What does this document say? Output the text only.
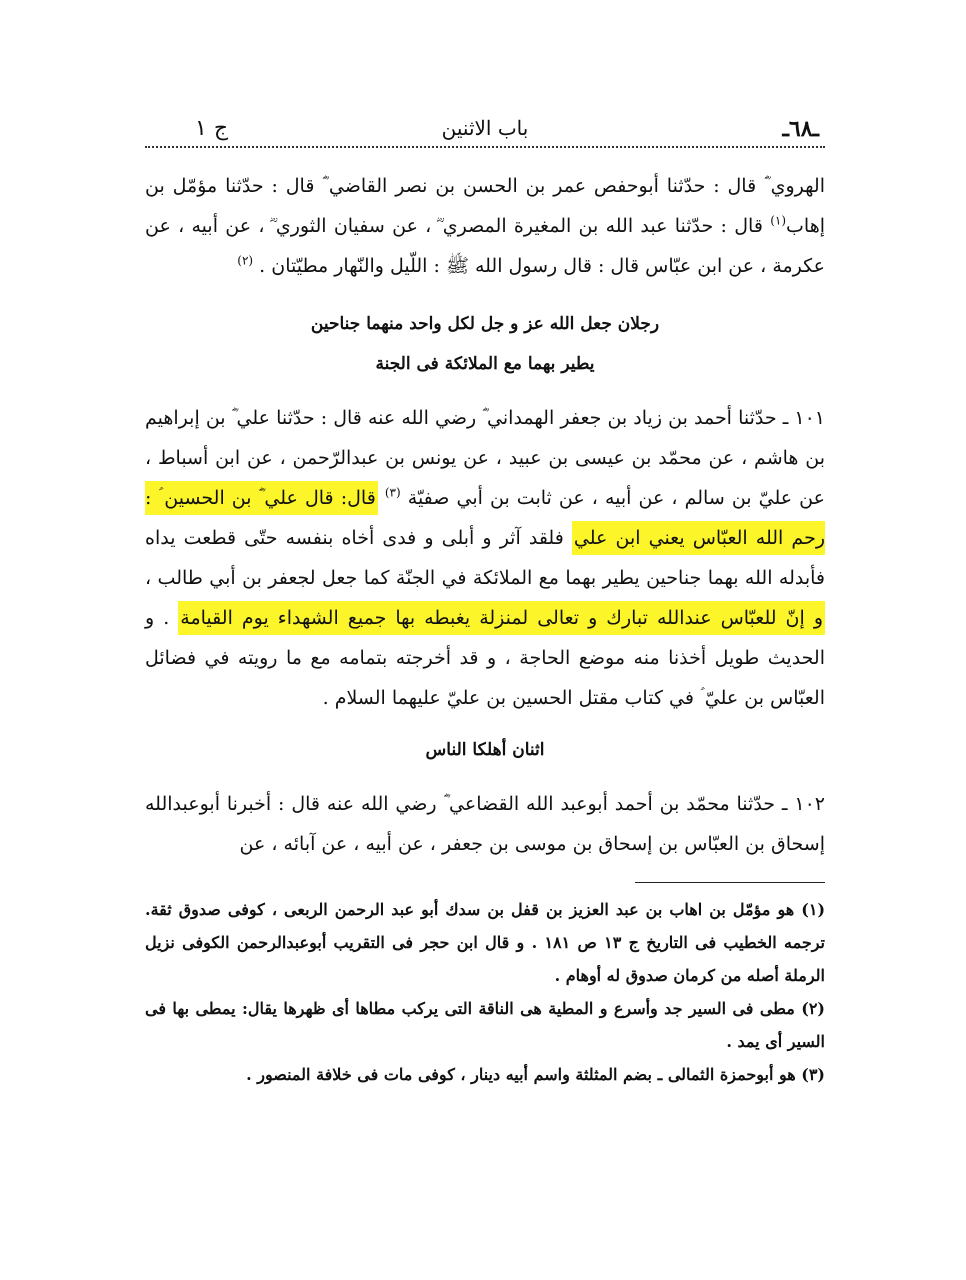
ـ٦٨ـ
باب الاثنين
ج ١

الهروي ؓ قال : حدّثنا أبوحفص عمر بن الحسن بن نصر القاضي ؓ قال : حدّثنا مؤمّل بن إهاب$^{(١)}$ قال : حدّثنا عبد الله بن المغيرة المصري ؓ ، عن سفيان الثوري ؓ ، عن أبيه ، عن عكرمة ، عن ابن عبّاس قال : قال رسول الله ﷺ : اللّيل والنّهار مطيّتان . $^{(٢)}$

رجلان جعل الله عز و جل لكل واحد منهما جناحين

يطير بهما مع الملائكة فى الجنة

١٠١ ـ حدّثنا أحمد بن زياد بن جعفر الهمداني ؓ رضي الله عنه قال : حدّثنا علي ؓ بن إبراهيم بن هاشم ، عن محمّد بن عيسى بن عبيد ، عن يونس بن عبدالرّحمن ، عن ابن أسباط ، عن عليّ بن سالم ، عن أبيه ، عن ثابت بن أبي صفيّة $^{(٣)}$ قال: قال علي ؓ بن الحسين ؑ : رحم الله العبّاس يعني ابن علي فلقد آثر و أبلى و فدى أخاه بنفسه حتّى قطعت يداه فأبدله الله بهما جناحين يطير بهما مع الملائكة في الجنّة كما جعل لجعفر بن أبي طالب ، و إنّ للعبّاس عندالله تبارك و تعالى لمنزلة يغبطه بها جميع الشهداء يوم القيامة . و الحديث طويل أخذنا منه موضع الحاجة ، و قد أخرجته بتمامه مع ما رويته في فضائل العبّاس بن عليّ ؑ في كتاب مقتل الحسين بن عليّ عليهما السلام .

اثنان أهلكا الناس

١٠٢ ـ حدّثنا محمّد بن أحمد أبوعبد الله القضاعي ؓ رضي الله عنه قال : أخبرنا أبوعبدالله إسحاق بن العبّاس بن إسحاق بن موسى بن جعفر ، عن أبيه ، عن آبائه ، عن

(١) هو مؤمّل بن اهاب بن عبد العزيز بن قفل بن سدك أبو عبد الرحمن الربعى ، كوفى صدوق ثقة. ترجمه الخطيب فى التاريخ ج ١٣ ص ١٨١ . و قال ابن حجر فى التقريب أبوعبدالرحمن الكوفى نزيل الرملة أصله من كرمان صدوق له أوهام .

(٢) مطى فى السير جد وأسرع و المطية هى الناقة التى يركب مطاها أى ظهرها يقال: يمطى بها فى السير أى يمد .

(٣) هو أبوحمزة الثمالى ـ بضم المثلثة واسم أبيه دينار ، كوفى مات فى خلافة المنصور .
